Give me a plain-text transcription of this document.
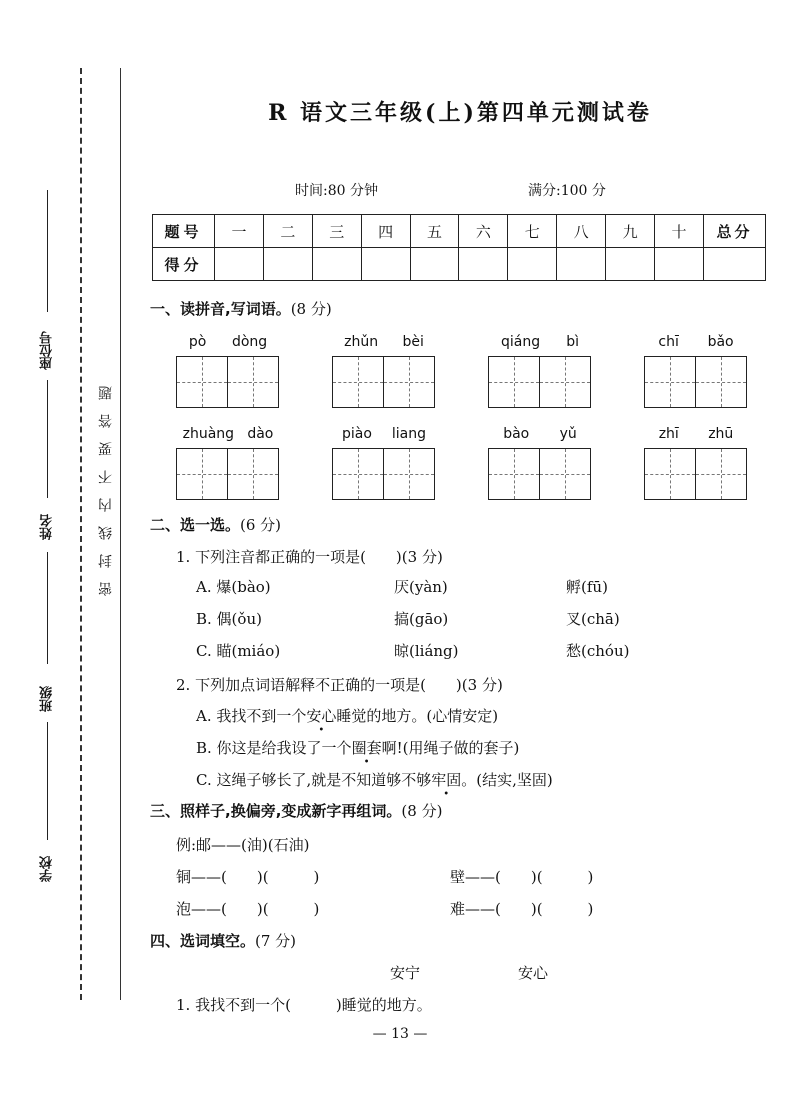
座位号
姓名
班级
学校
密封线内不要答题
R 语文三年级(上)第四单元测试卷
时间:80 分钟	满分:100 分
题号	一	二	三	四	五	六	七	八	九	十	总分
得分											
一、读拼音,写词语。(8 分)
pò dòng	zhǔn bèi	qiáng bì	chī bǎo
zhuàng dào	piào liang	bào yǔ	zhī zhū
二、选一选。(6 分)
1. 下列注音都正确的一项是(　　)(3 分)
A. 爆(bào)	厌(yàn)	孵(fū)
B. 偶(ǒu)	搞(gāo)	叉(chā)
C. 瞄(miáo)	晾(liáng)	愁(chóu)
2. 下列加点词语解释不正确的一项是(　　)(3 分)
A. 我找不到一个安心睡觉的地方。(心情安定)
B. 你这是给我设了一个圈套啊!(用绳子做的套子)
C. 这绳子够长了,就是不知道够不够牢固。(结实,坚固)
三、照样子,换偏旁,变成新字再组词。(8 分)
例:邮——(油)(石油)
铜——(　　)(　　　)	壁——(　　)(　　　)
泡——(　　)(　　　)	难——(　　)(　　　)
四、选词填空。(7 分)
安宁	安心
1. 我找不到一个(　　　)睡觉的地方。
— 13 —
